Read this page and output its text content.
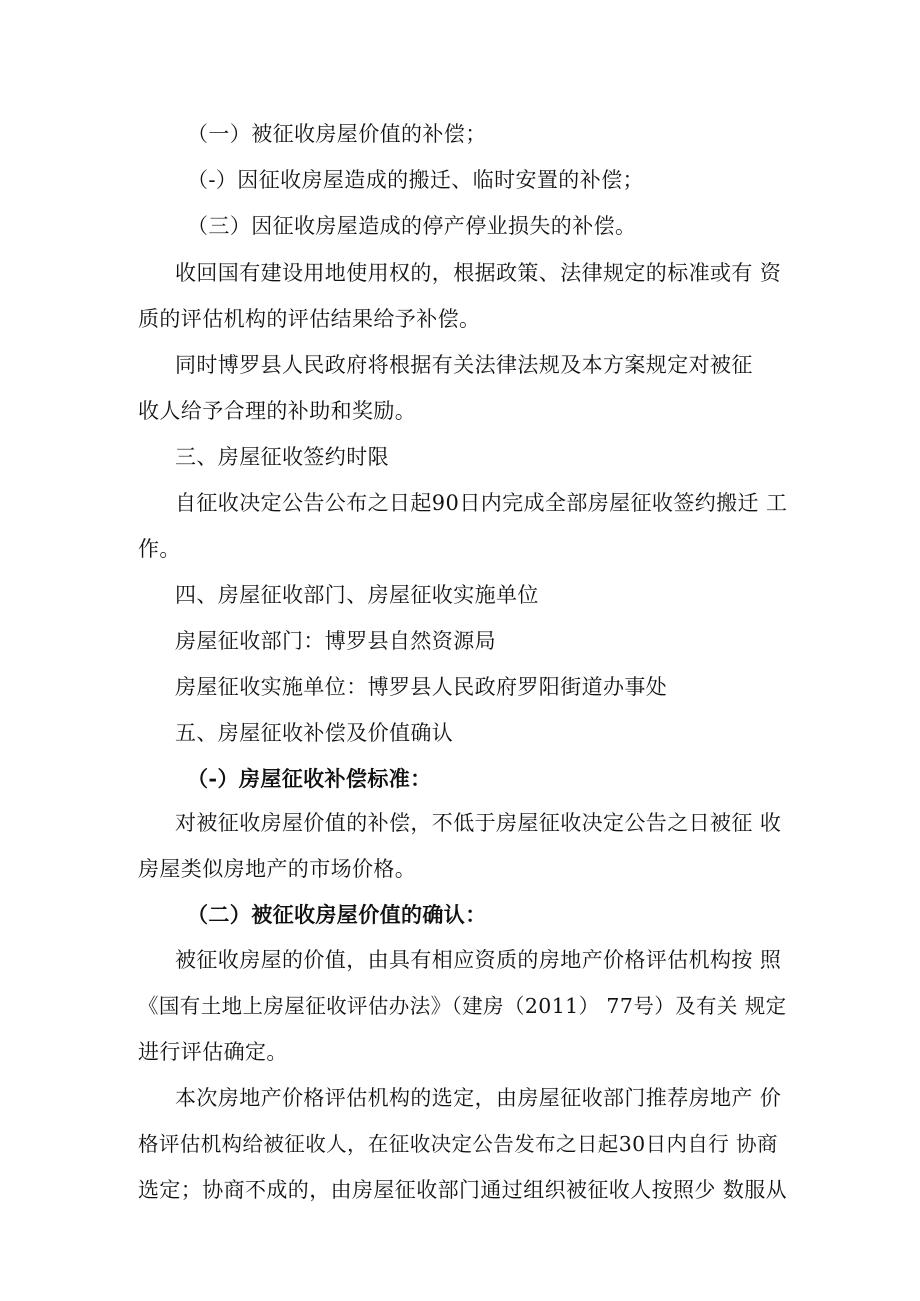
（一）被征收房屋价值的补偿；
（-）因征收房屋造成的搬迁、临时安置的补偿；
（三）因征收房屋造成的停产停业损失的补偿。
收回国有建设用地使用权的，根据政策、法律规定的标准或有 资
质的评估机构的评估结果给予补偿。
同时博罗县人民政府将根据有关法律法规及本方案规定对被征
收人给予合理的补助和奖励。
三、房屋征收签约时限
自征收决定公告公布之日起90日内完成全部房屋征收签约搬迁 工
作。
四、房屋征收部门、房屋征收实施单位
房屋征收部门：博罗县自然资源局
房屋征收实施单位：博罗县人民政府罗阳街道办事处
五、房屋征收补偿及价值确认
（-）房屋征收补偿标准：
对被征收房屋价值的补偿，不低于房屋征收决定公告之日被征 收
房屋类似房地产的市场价格。
（二）被征收房屋价值的确认：
被征收房屋的价值，由具有相应资质的房地产价格评估机构按 照
《国有土地上房屋征收评估办法》（建房（2011） 77号）及有关 规定
进行评估确定。
本次房地产价格评估机构的选定，由房屋征收部门推荐房地产 价
格评估机构给被征收人，在征收决定公告发布之日起30日内自行 协商
选定；协商不成的，由房屋征收部门通过组织被征收人按照少 数服从
